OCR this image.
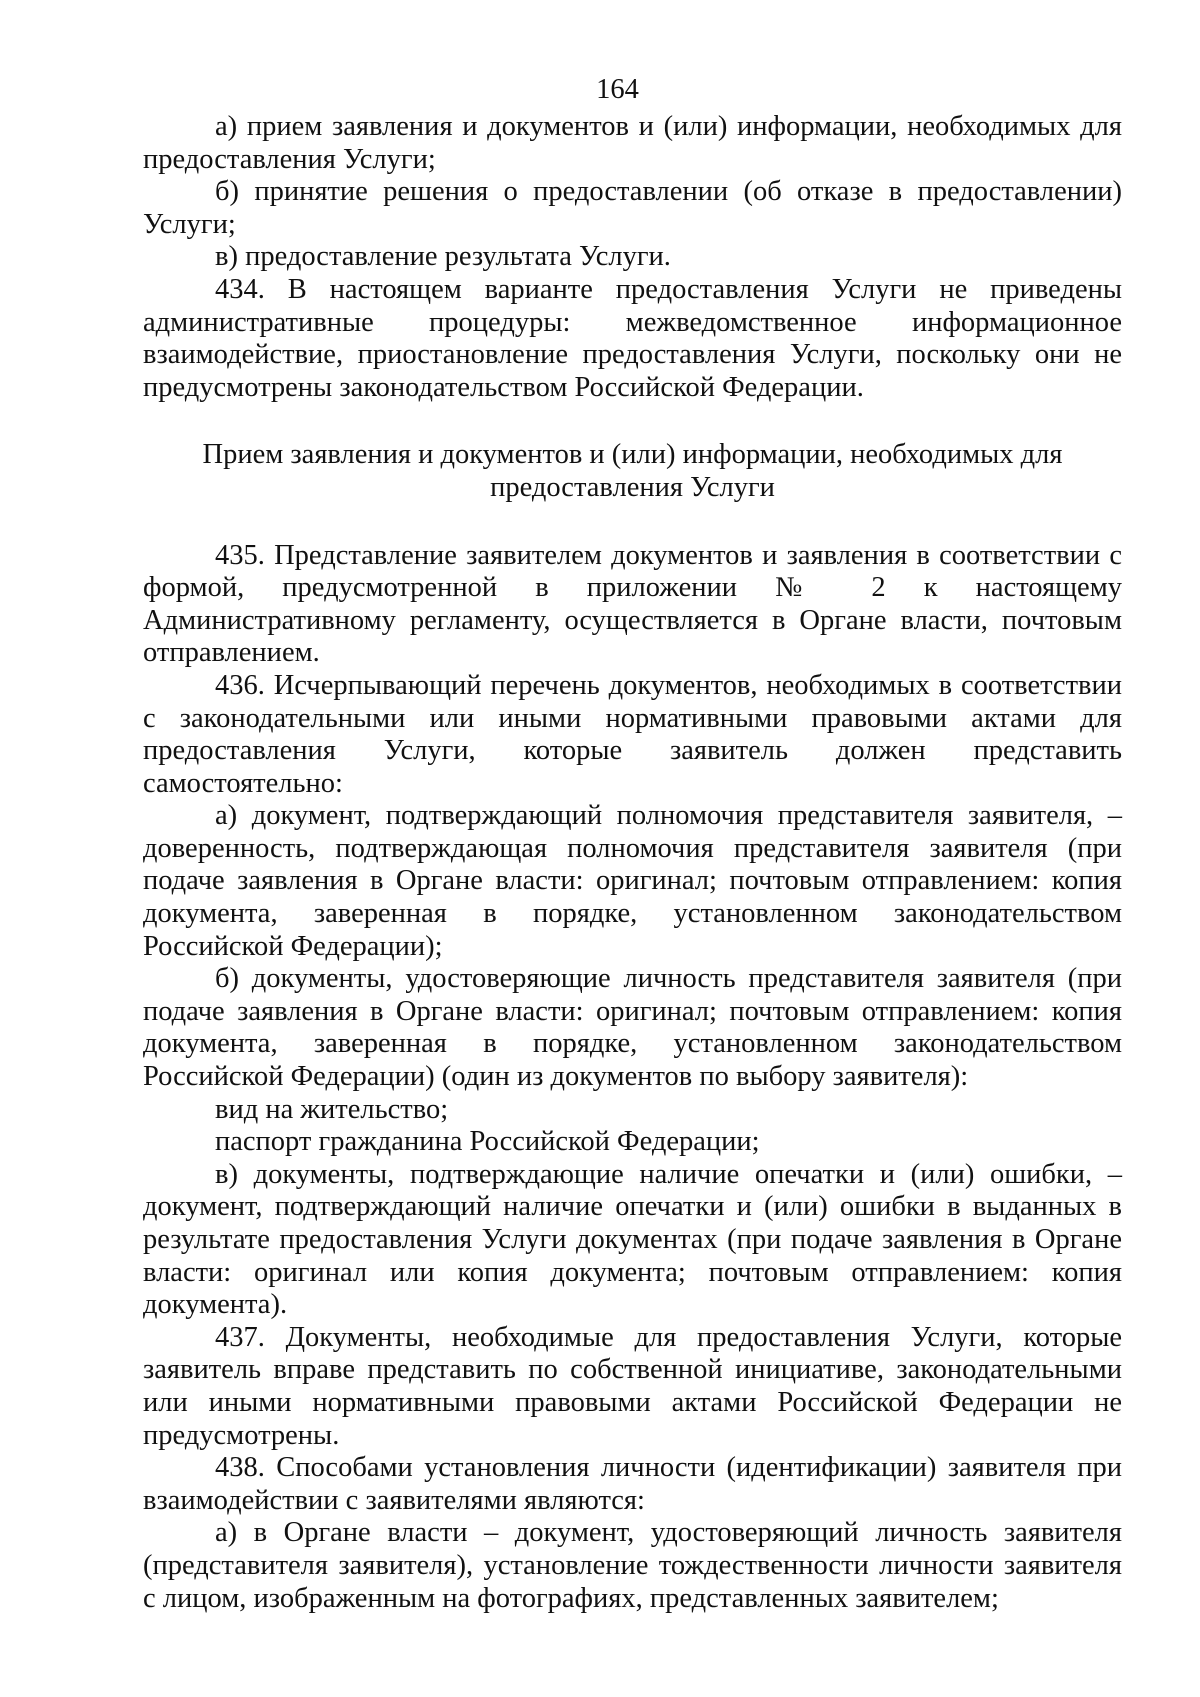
164

а) прием заявления и документов и (или) информации, необходимых для предоставления Услуги;

б) принятие решения о предоставлении (об отказе в предоставлении) Услуги;

в) предоставление результата Услуги.

434. В настоящем варианте предоставления Услуги не приведены административные процедуры: межведомственное информационное взаимодействие, приостановление предоставления Услуги, поскольку они не предусмотрены законодательством Российской Федерации.

Прием заявления и документов и (или) информации, необходимых для
предоставления Услуги

435. Представление заявителем документов и заявления в соответствии с формой, предусмотренной в приложении № 2 к настоящему Административному регламенту, осуществляется в Органе власти, почтовым отправлением.

436. Исчерпывающий перечень документов, необходимых в соответствии с законодательными или иными нормативными правовыми актами для предоставления Услуги, которые заявитель должен представить самостоятельно:

а) документ, подтверждающий полномочия представителя заявителя, – доверенность, подтверждающая полномочия представителя заявителя (при подаче заявления в Органе власти: оригинал; почтовым отправлением: копия документа, заверенная в порядке, установленном законодательством Российской Федерации);

б) документы, удостоверяющие личность представителя заявителя (при подаче заявления в Органе власти: оригинал; почтовым отправлением: копия документа, заверенная в порядке, установленном законодательством Российской Федерации) (один из документов по выбору заявителя):

вид на жительство;

паспорт гражданина Российской Федерации;

в) документы, подтверждающие наличие опечатки и (или) ошибки, – документ, подтверждающий наличие опечатки и (или) ошибки в выданных в результате предоставления Услуги документах (при подаче заявления в Органе власти: оригинал или копия документа; почтовым отправлением: копия документа).

437. Документы, необходимые для предоставления Услуги, которые заявитель вправе представить по собственной инициативе, законодательными или иными нормативными правовыми актами Российской Федерации не предусмотрены.

438. Способами установления личности (идентификации) заявителя при взаимодействии с заявителями являются:

а) в Органе власти – документ, удостоверяющий личность заявителя (представителя заявителя), установление тождественности личности заявителя с лицом, изображенным на фотографиях, представленных заявителем;
